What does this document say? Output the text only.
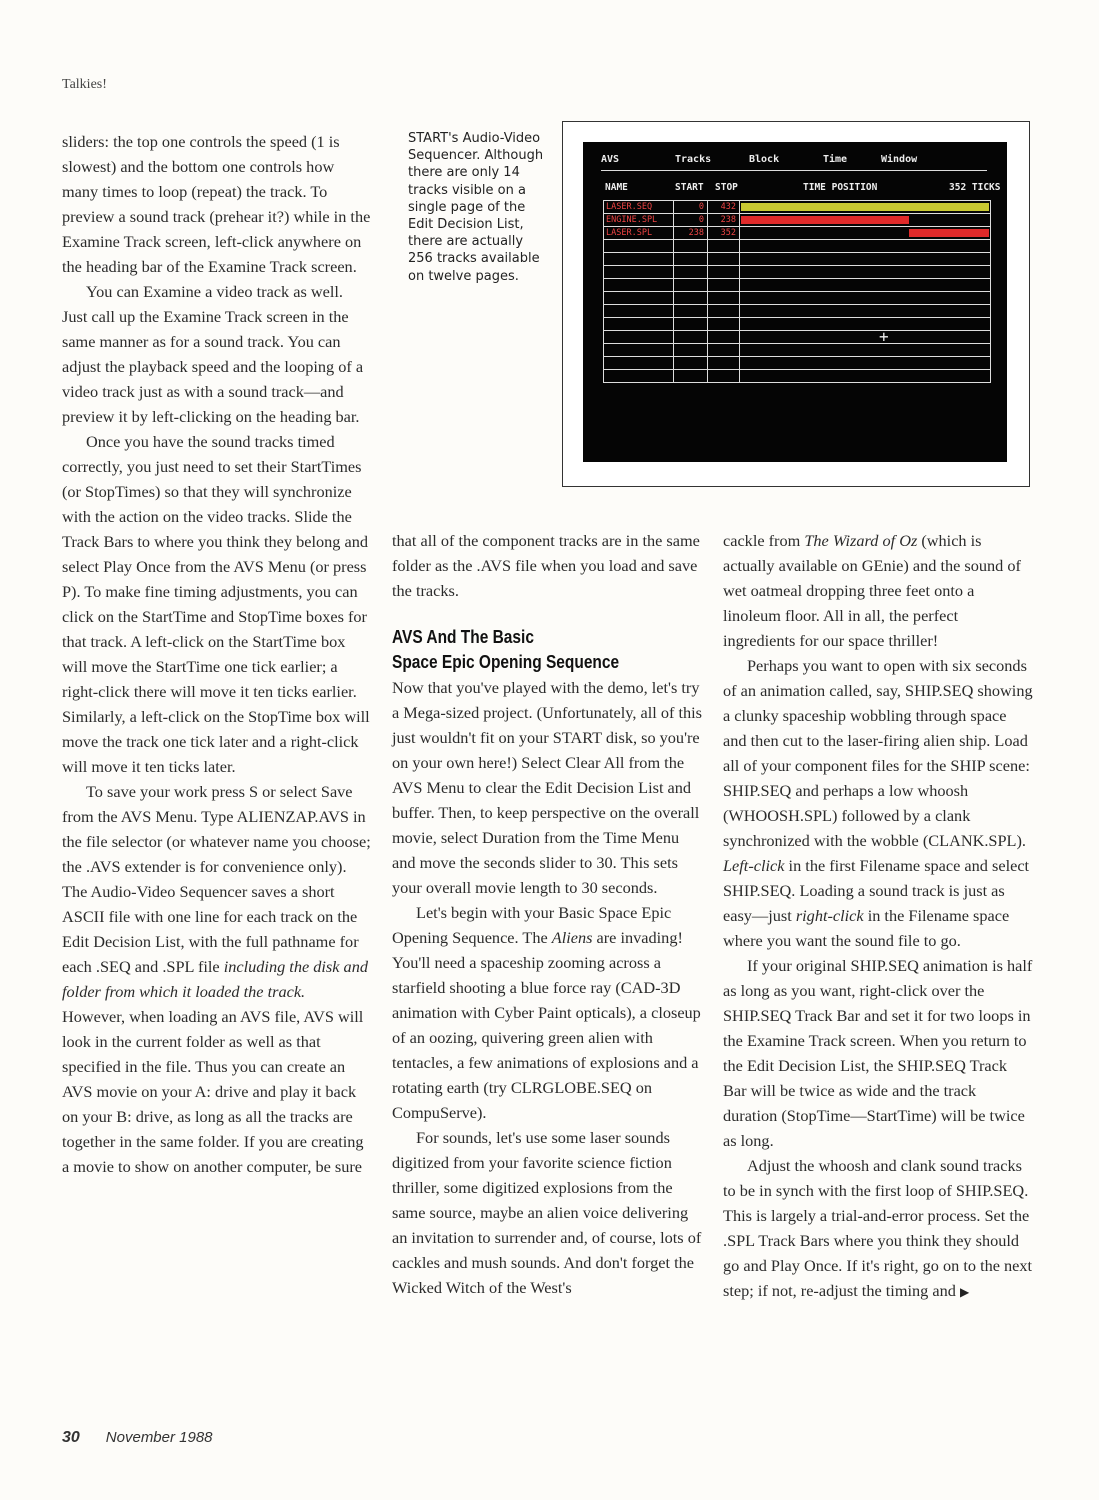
Talkies!

sliders: the top one controls the speed (1 is slowest) and the bottom one controls how many times to loop (repeat) the track. To preview a sound track (prehear it?) while in the Examine Track screen, left-click anywhere on the heading bar of the Examine Track screen.

You can Examine a video track as well. Just call up the Examine Track screen in the same manner as for a sound track. You can adjust the playback speed and the looping of a video track just as with a sound track—and preview it by left-clicking on the heading bar.

Once you have the sound tracks timed correctly, you just need to set their StartTimes (or StopTimes) so that they will synchronize with the action on the video tracks. Slide the Track Bars to where you think they belong and select Play Once from the AVS Menu (or press P). To make fine timing adjustments, you can click on the StartTime and StopTime boxes for that track. A left-click on the StartTime box will move the StartTime one tick earlier; a right-click there will move it ten ticks earlier. Similarly, a left-click on the StopTime box will move the track one tick later and a right-click will move it ten ticks later.

To save your work press S or select Save from the AVS Menu. Type ALIENZAP.AVS in the file selector (or whatever name you choose; the .AVS extender is for convenience only). The Audio-Video Sequencer saves a short ASCII file with one line for each track on the Edit Decision List, with the full pathname for each .SEQ and .SPL file including the disk and folder from which it loaded the track. However, when loading an AVS file, AVS will look in the current folder as well as that specified in the file. Thus you can create an AVS movie on your A: drive and play it back on your B: drive, as long as all the tracks are together in the same folder. If you are creating a movie to show on another computer, be sure

START's Audio-Video Sequencer. Although there are only 14 tracks visible on a single page of the Edit Decision List, there are actually 256 tracks available on twelve pages.
AVS	Tracks	Block	Time	Window
NAME	START STOP	TIME POSITION	352 TICKS
LASER.SEQ	0	432
ENGINE.SPL	0	238
LASER.SPL	238	352
+

that all of the component tracks are in the same folder as the .AVS file when you load and save the tracks.

AVS And The Basic
Space Epic Opening Sequence

Now that you've played with the demo, let's try a Mega-sized project. (Unfortunately, all of this just wouldn't fit on your START disk, so you're on your own here!) Select Clear All from the AVS Menu to clear the Edit Decision List and buffer. Then, to keep perspective on the overall movie, select Duration from the Time Menu and move the seconds slider to 30. This sets your overall movie length to 30 seconds.

Let's begin with your Basic Space Epic Opening Sequence. The Aliens are invading! You'll need a spaceship zooming across a starfield shooting a blue force ray (CAD-3D animation with Cyber Paint opticals), a closeup of an oozing, quivering green alien with tentacles, a few animations of explosions and a rotating earth (try CLRGLOBE.SEQ on CompuServe).

For sounds, let's use some laser sounds digitized from your favorite science fiction thriller, some digitized explosions from the same source, maybe an alien voice delivering an invitation to surrender and, of course, lots of cackles and mush sounds. And don't forget the Wicked Witch of the West's

cackle from The Wizard of Oz (which is actually available on GEnie) and the sound of wet oatmeal dropping three feet onto a linoleum floor. All in all, the perfect ingredients for our space thriller!

Perhaps you want to open with six seconds of an animation called, say, SHIP.SEQ showing a clunky spaceship wobbling through space and then cut to the laser-firing alien ship. Load all of your component files for the SHIP scene: SHIP.SEQ and perhaps a low whoosh (WHOOSH.SPL) followed by a clank synchronized with the wobble (CLANK.SPL). Left-click in the first Filename space and select SHIP.SEQ. Loading a sound track is just as easy—just right-click in the Filename space where you want the sound file to go.

If your original SHIP.SEQ animation is half as long as you want, right-click over the SHIP.SEQ Track Bar and set it for two loops in the Examine Track screen. When you return to the Edit Decision List, the SHIP.SEQ Track Bar will be twice as wide and the track duration (StopTime—StartTime) will be twice as long.

Adjust the whoosh and clank sound tracks to be in synch with the first loop of SHIP.SEQ. This is largely a trial-and-error process. Set the .SPL Track Bars where you think they should go and Play Once. If it's right, go on to the next step; if not, re-adjust the timing and ▶

30 November 1988
